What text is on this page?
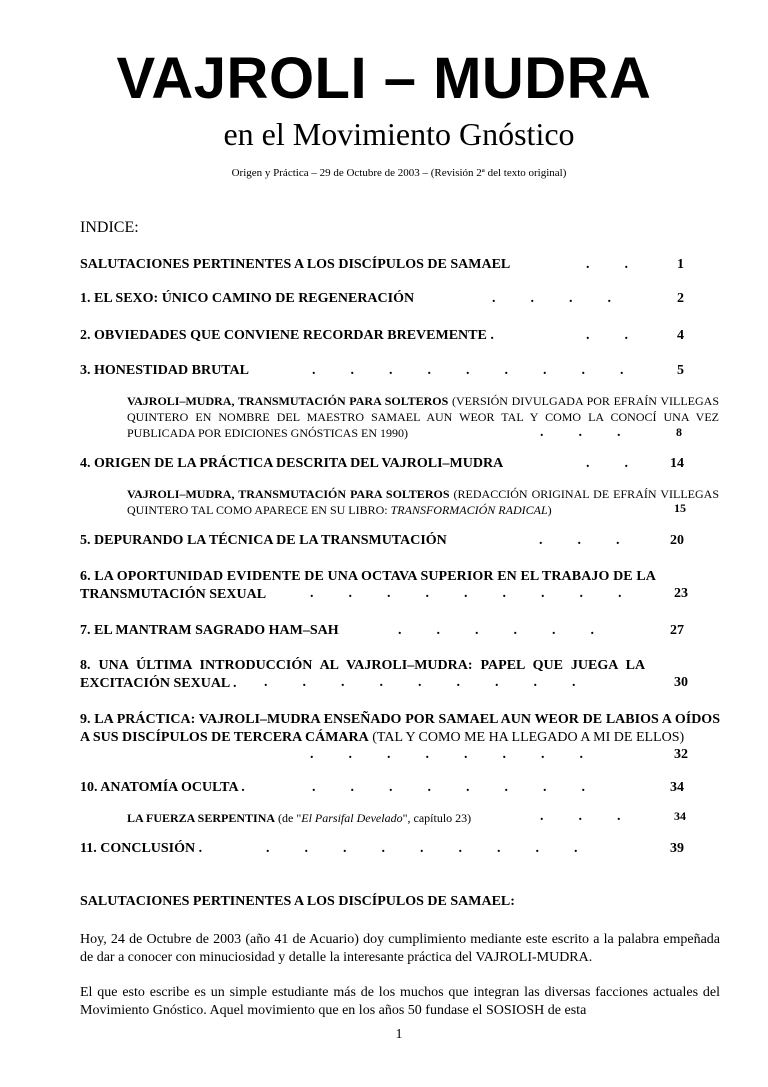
VAJROLI – MUDRA
en el Movimiento Gnóstico
Origen y Práctica – 29 de Octubre de 2003 – (Revisión 2ª del texto original)
INDICE:
SALUTACIONES PERTINENTES A LOS DISCÍPULOS DE SAMAEL	.          .	1
1. EL SEXO: ÚNICO CAMINO DE REGENERACIÓN	.          .          .          .	2
2. OBVIEDADES QUE CONVIENE RECORDAR BREVEMENTE .	.          .	4
3. HONESTIDAD BRUTAL	.          .          .          .          .          .          .          .          .	5
VAJROLI–MUDRA, TRANSMUTACIÓN PARA SOLTEROS (VERSIÓN DIVULGADA POR EFRAÍN VILLEGAS QUINTERO EN NOMBRE DEL MAESTRO SAMAEL AUN WEOR TAL Y COMO LA CONOCÍ UNA VEZ PUBLICADA POR EDICIONES GNÓSTICAS EN 1990)	.          .          .	8
4. ORIGEN DE LA PRÁCTICA DESCRITA DEL VAJROLI–MUDRA	.          .	14
VAJROLI–MUDRA, TRANSMUTACIÓN PARA SOLTEROS (REDACCIÓN ORIGINAL DE EFRAÍN VILLEGAS QUINTERO TAL COMO APARECE EN SU LIBRO: TRANSFORMACIÓN RADICAL)	15
5. DEPURANDO LA TÉCNICA DE LA TRANSMUTACIÓN	.          .          .	20
6. LA OPORTUNIDAD EVIDENTE DE UNA OCTAVA SUPERIOR EN EL TRABAJO DE LA
TRANSMUTACIÓN SEXUAL	.          .          .          .          .          .          .          .          .	23
7. EL MANTRAM SAGRADO HAM–SAH	.          .          .          .          .          .	27
8. UNA ÚLTIMA INTRODUCCIÓN AL VAJROLI–MUDRA: PAPEL QUE JUEGA LA
EXCITACIÓN SEXUAL .	.          .          .          .          .          .          .          .          .	30
9. LA PRÁCTICA: VAJROLI–MUDRA ENSEÑADO POR SAMAEL AUN WEOR DE LABIOS A OÍDOS A SUS DISCÍPULOS DE TERCERA CÁMARA (TAL Y COMO ME HA LLEGADO A MI DE ELLOS)
.          .          .          .          .          .          .          .	32
10. ANATOMÍA OCULTA .	.          .          .          .          .          .          .          .	34
LA FUERZA SERPENTINA (de "El Parsifal Develado", capítulo 23)	.          .          .	34
11. CONCLUSIÓN .	.          .          .          .          .          .          .          .          .	39
SALUTACIONES PERTINENTES A LOS DISCÍPULOS DE SAMAEL:
Hoy, 24 de Octubre de 2003 (año 41 de Acuario) doy cumplimiento mediante este escrito a la palabra empeñada de dar a conocer con minuciosidad y detalle la interesante práctica del VAJROLI-MUDRA.
El que esto escribe es un simple estudiante más de los muchos que integran las diversas facciones actuales del Movimiento Gnóstico. Aquel movimiento que en los años 50 fundase el SOSIOSH de esta
1
